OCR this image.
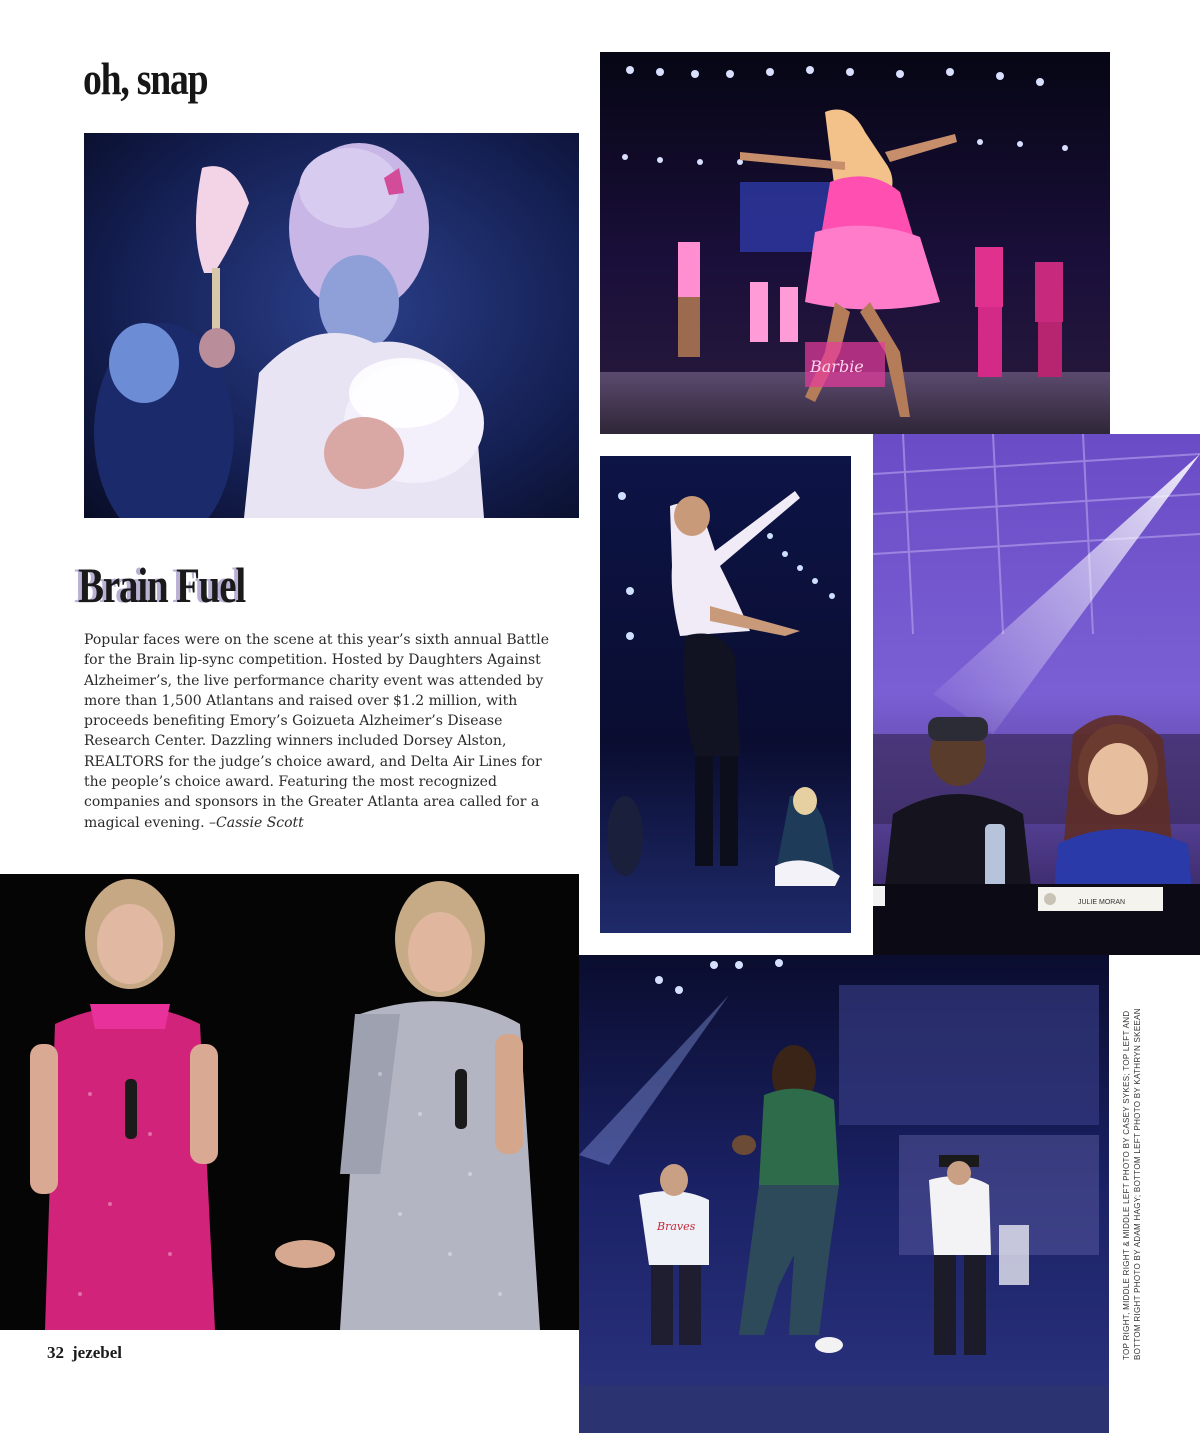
oh, snap
Barbie
JULIE MORAN
Brain Fuel

Popular faces were on the scene at this year’s sixth annual Battle for the Brain lip-sync competition. Hosted by Daughters Against Alzheimer’s, the live performance charity event was attended by more than 1,500 Atlantans and raised over $1.2 million, with proceeds benefiting Emory’s Goizueta Alzheimer’s Disease Research Center. Dazzling winners included Dorsey Alston, REALTORS for the judge’s choice award, and Delta Air Lines for the people’s choice award. Featuring the most recognized companies and sponsors in the Greater Atlanta area called for a magical evening. –Cassie Scott

Braves	TOP RIGHT, MIDDLE RIGHT & MIDDLE LEFT PHOTO BY CASEY SYKES; TOP LEFT AND BOTTOM RIGHT PHOTO BY ADAM HAGY; BOTTOM LEFT PHOTO BY KATHRYN SKEEAN
32 jezebel
